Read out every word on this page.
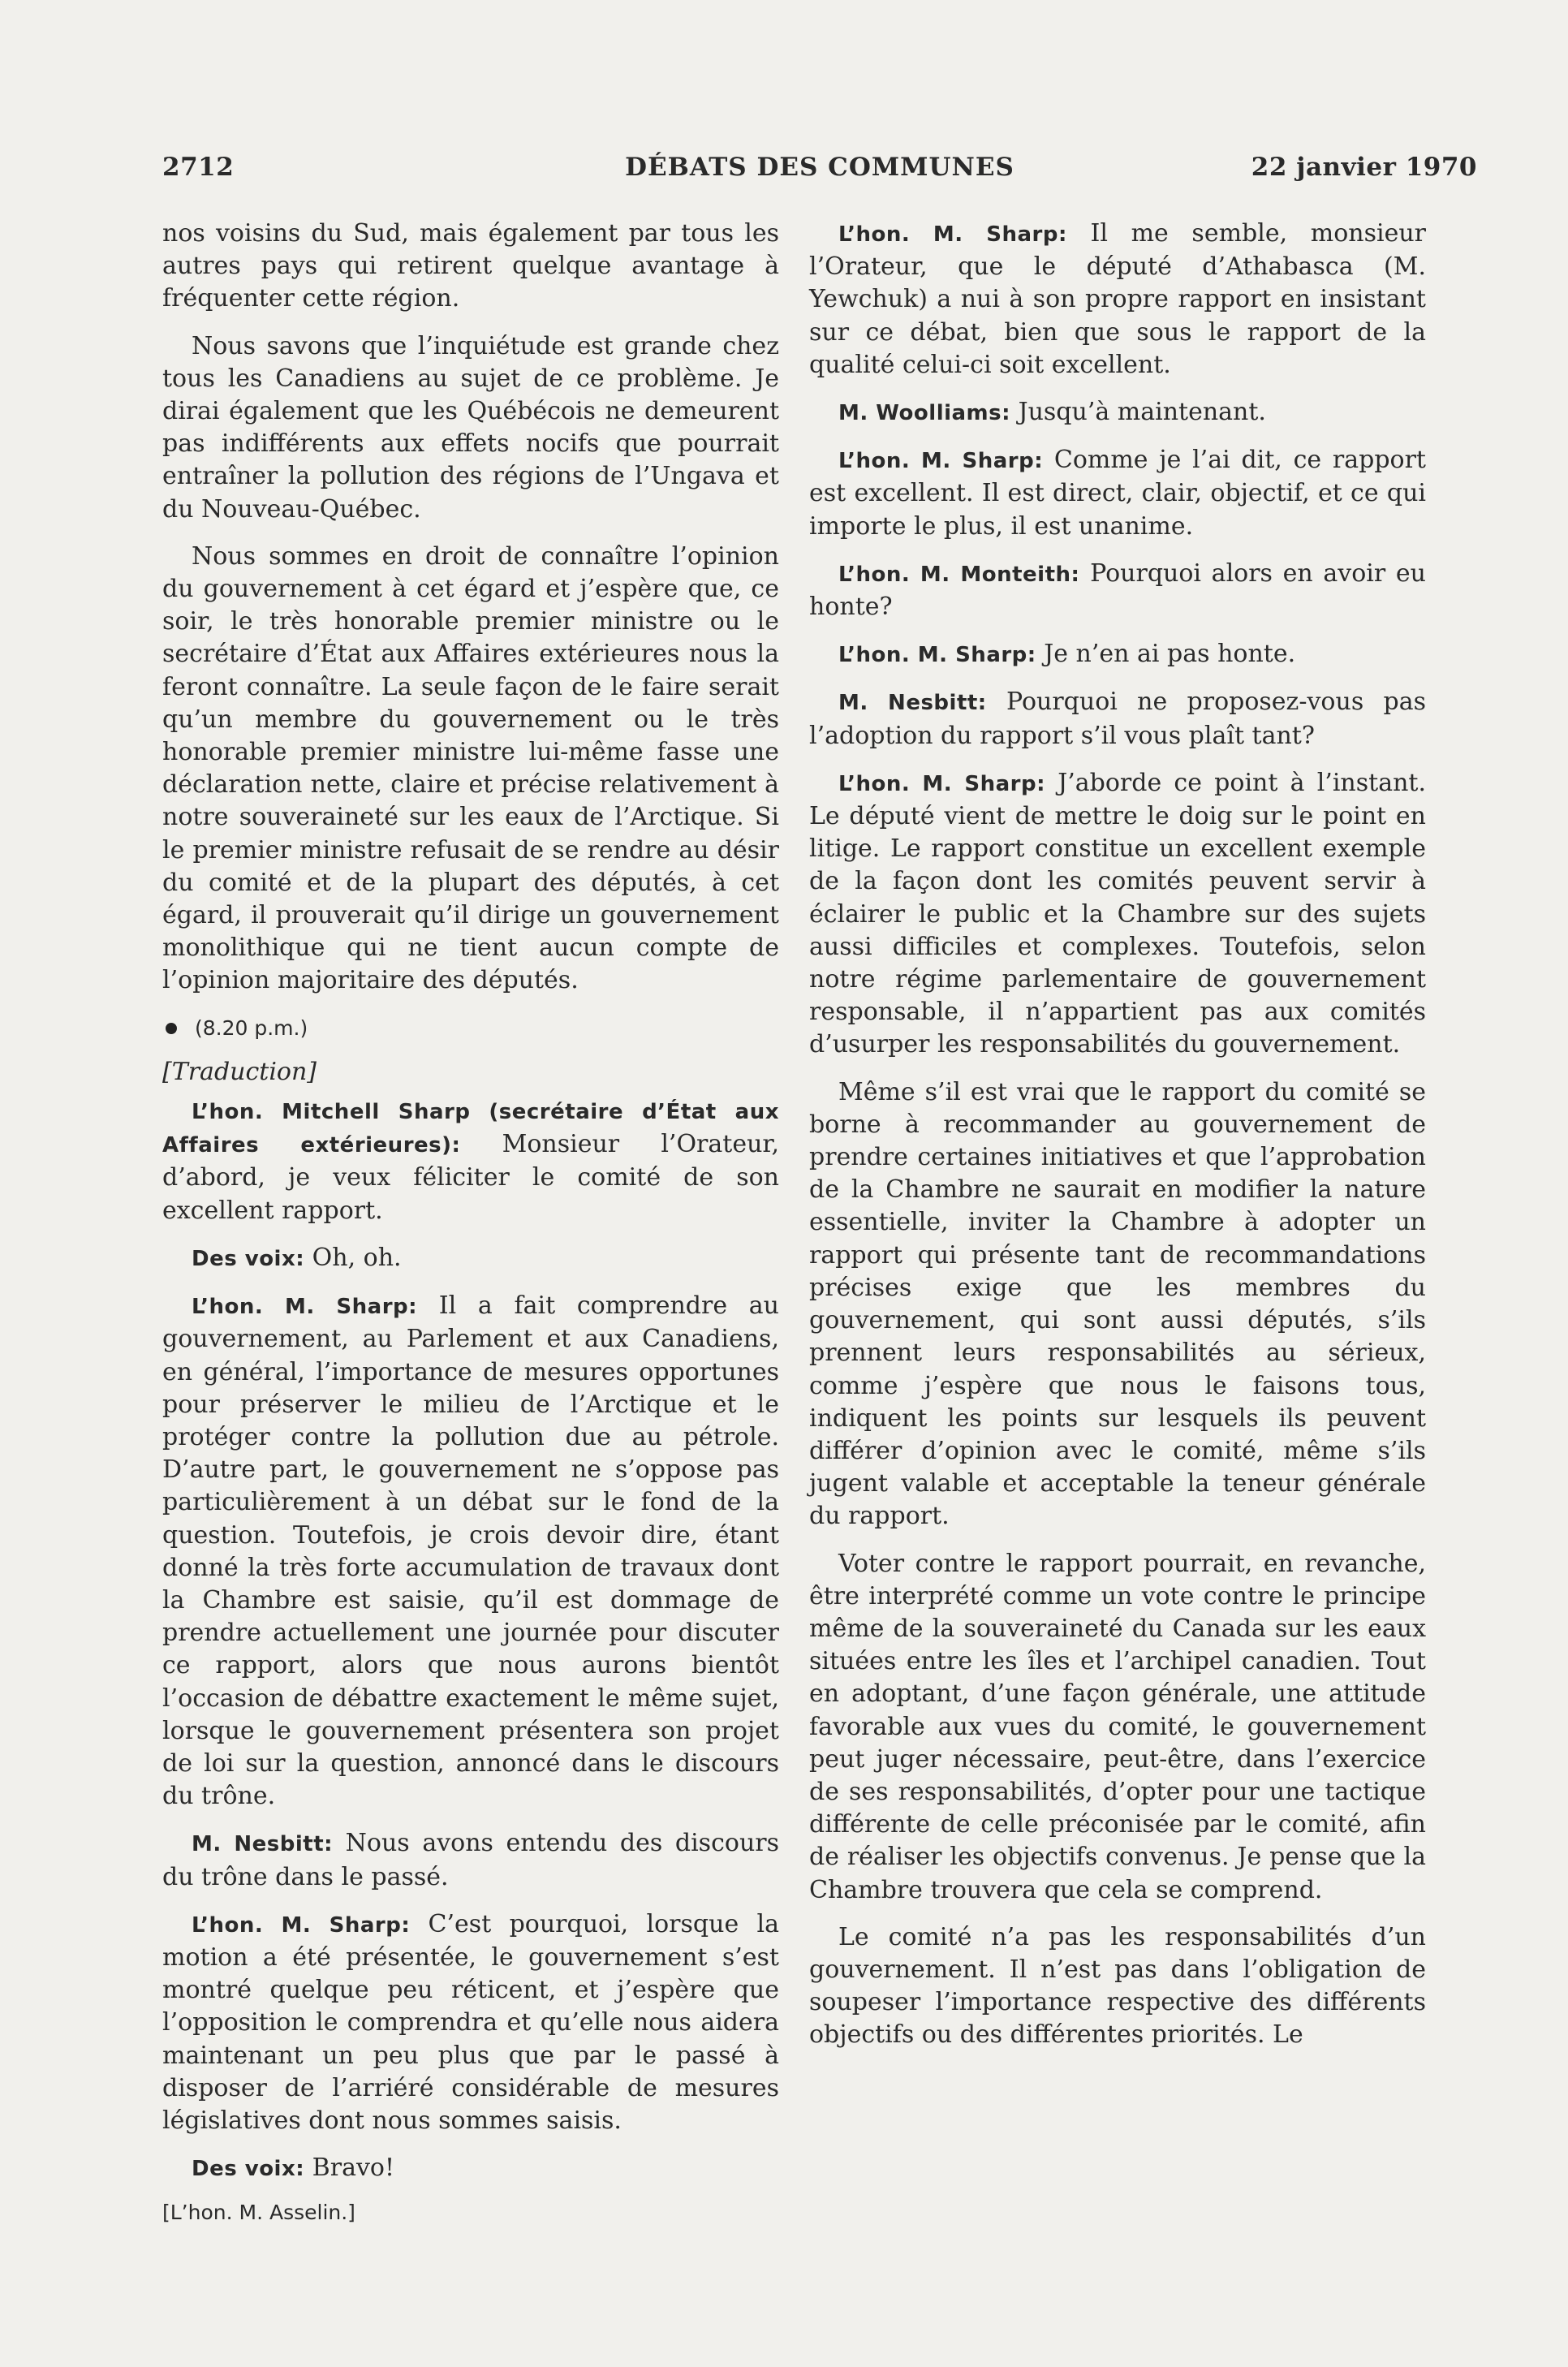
2712	DÉBATS DES COMMUNES	22 janvier 1970

nos voisins du Sud, mais également par tous les autres pays qui retirent quelque avantage à fréquenter cette région.

Nous savons que l’inquiétude est grande chez tous les Canadiens au sujet de ce problème. Je dirai également que les Québécois ne demeurent pas indifférents aux effets nocifs que pourrait entraîner la pollution des régions de l’Ungava et du Nouveau-Québec.

Nous sommes en droit de connaître l’opinion du gouvernement à cet égard et j’espère que, ce soir, le très honorable premier ministre ou le secrétaire d’État aux Affaires extérieures nous la feront connaître. La seule façon de le faire serait qu’un membre du gouvernement ou le très honorable premier ministre lui-même fasse une déclaration nette, claire et précise relativement à notre souveraineté sur les eaux de l’Arctique. Si le premier ministre refusait de se rendre au désir du comité et de la plupart des députés, à cet égard, il prouverait qu’il dirige un gouvernement monolithique qui ne tient aucun compte de l’opinion majoritaire des députés.

(8.20 p.m.)

[Traduction]

L’hon. Mitchell Sharp (secrétaire d’État aux Affaires extérieures): Monsieur l’Orateur, d’abord, je veux féliciter le comité de son excellent rapport.

Des voix: Oh, oh.

L’hon. M. Sharp: Il a fait comprendre au gouvernement, au Parlement et aux Canadiens, en général, l’importance de mesures opportunes pour préserver le milieu de l’Arctique et le protéger contre la pollution due au pétrole. D’autre part, le gouvernement ne s’oppose pas particulièrement à un débat sur le fond de la question. Toutefois, je crois devoir dire, étant donné la très forte accumulation de travaux dont la Chambre est saisie, qu’il est dommage de prendre actuellement une journée pour discuter ce rapport, alors que nous aurons bientôt l’occasion de débattre exactement le même sujet, lorsque le gouvernement présentera son projet de loi sur la question, annoncé dans le discours du trône.

M. Nesbitt: Nous avons entendu des discours du trône dans le passé.

L’hon. M. Sharp: C’est pourquoi, lorsque la motion a été présentée, le gouvernement s’est montré quelque peu réticent, et j’espère que l’opposition le comprendra et qu’elle nous aidera maintenant un peu plus que par le passé à disposer de l’arriéré considérable de mesures législatives dont nous sommes saisis.

Des voix: Bravo!

[L’hon. M. Asselin.]

L’hon. M. Sharp: Il me semble, monsieur l’Orateur, que le député d’Athabasca (M. Yewchuk) a nui à son propre rapport en insistant sur ce débat, bien que sous le rapport de la qualité celui-ci soit excellent.

M. Woolliams: Jusqu’à maintenant.

L’hon. M. Sharp: Comme je l’ai dit, ce rapport est excellent. Il est direct, clair, objectif, et ce qui importe le plus, il est unanime.

L’hon. M. Monteith: Pourquoi alors en avoir eu honte?

L’hon. M. Sharp: Je n’en ai pas honte.

M. Nesbitt: Pourquoi ne proposez-vous pas l’adoption du rapport s’il vous plaît tant?

L’hon. M. Sharp: J’aborde ce point à l’instant. Le député vient de mettre le doig sur le point en litige. Le rapport constitue un excellent exemple de la façon dont les comités peuvent servir à éclairer le public et la Chambre sur des sujets aussi difficiles et complexes. Toutefois, selon notre régime parlementaire de gouvernement responsable, il n’appartient pas aux comités d’usurper les responsabilités du gouvernement.

Même s’il est vrai que le rapport du comité se borne à recommander au gouvernement de prendre certaines initiatives et que l’approbation de la Chambre ne saurait en modifier la nature essentielle, inviter la Chambre à adopter un rapport qui présente tant de recommandations précises exige que les membres du gouvernement, qui sont aussi députés, s’ils prennent leurs responsabilités au sérieux, comme j’espère que nous le faisons tous, indiquent les points sur lesquels ils peuvent différer d’opinion avec le comité, même s’ils jugent valable et acceptable la teneur générale du rapport.

Voter contre le rapport pourrait, en revanche, être interprété comme un vote contre le principe même de la souveraineté du Canada sur les eaux situées entre les îles et l’archipel canadien. Tout en adoptant, d’une façon générale, une attitude favorable aux vues du comité, le gouvernement peut juger nécessaire, peut-être, dans l’exercice de ses responsabilités, d’opter pour une tactique différente de celle préconisée par le comité, afin de réaliser les objectifs convenus. Je pense que la Chambre trouvera que cela se comprend.

Le comité n’a pas les responsabilités d’un gouvernement. Il n’est pas dans l’obligation de soupeser l’importance respective des différents objectifs ou des différentes priorités. Le
